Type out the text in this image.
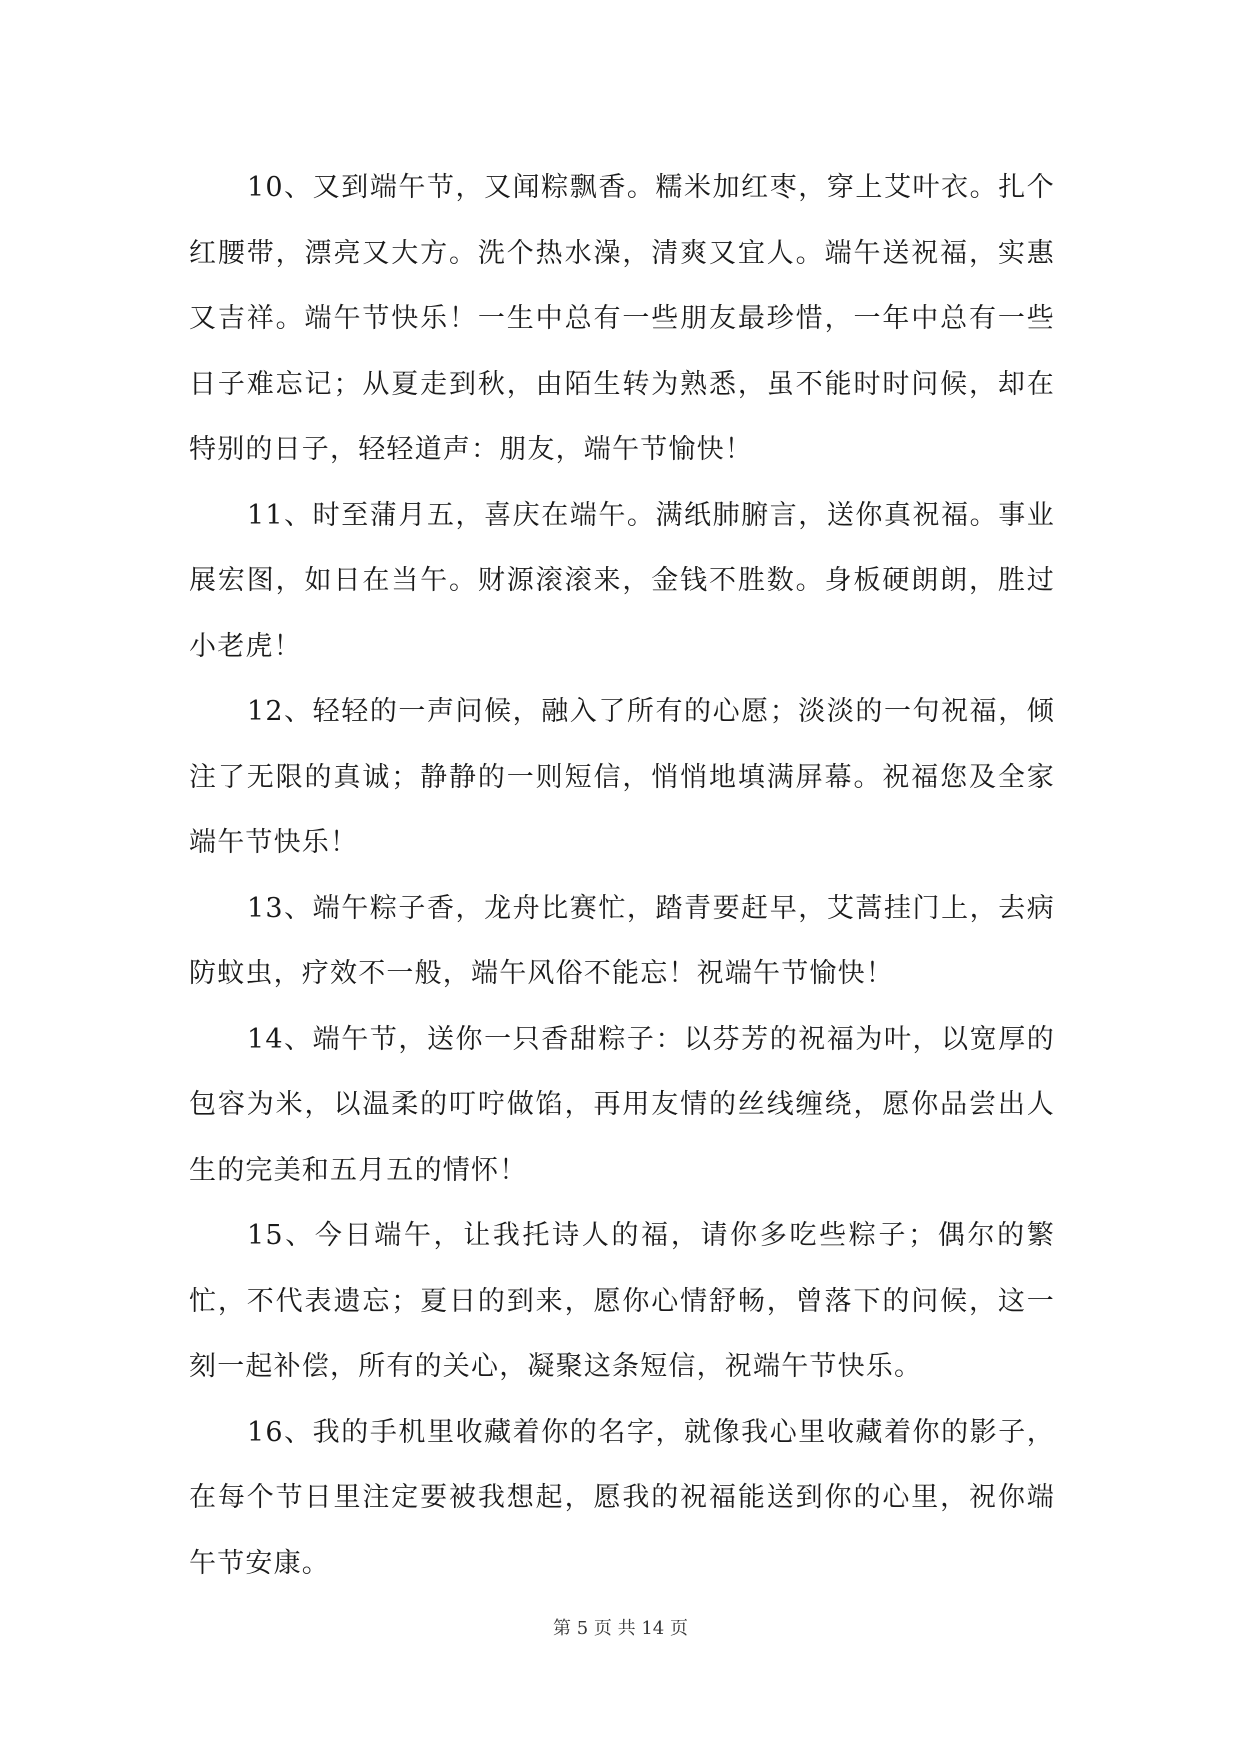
10、又到端午节，又闻粽飘香。糯米加红枣，穿上艾叶衣。扎个红腰带，漂亮又大方。洗个热水澡，清爽又宜人。端午送祝福，实惠又吉祥。端午节快乐！一生中总有一些朋友最珍惜，一年中总有一些日子难忘记；从夏走到秋，由陌生转为熟悉，虽不能时时问候，却在特别的日子，轻轻道声：朋友，端午节愉快！

11、时至蒲月五，喜庆在端午。满纸肺腑言，送你真祝福。事业展宏图，如日在当午。财源滚滚来，金钱不胜数。身板硬朗朗，胜过小老虎！

12、轻轻的一声问候，融入了所有的心愿；淡淡的一句祝福，倾注了无限的真诚；静静的一则短信，悄悄地填满屏幕。祝福您及全家端午节快乐！

13、端午粽子香，龙舟比赛忙，踏青要赶早，艾蒿挂门上，去病防蚊虫，疗效不一般，端午风俗不能忘！祝端午节愉快！

14、端午节，送你一只香甜粽子：以芬芳的祝福为叶，以宽厚的包容为米，以温柔的叮咛做馅，再用友情的丝线缠绕，愿你品尝出人生的完美和五月五的情怀！

15、今日端午，让我托诗人的福，请你多吃些粽子；偶尔的繁忙，不代表遗忘；夏日的到来，愿你心情舒畅，曾落下的问候，这一刻一起补偿，所有的关心，凝聚这条短信，祝端午节快乐。

16、我的手机里收藏着你的名字，就像我心里收藏着你的影子，在每个节日里注定要被我想起，愿我的祝福能送到你的心里，祝你端午节安康。

第 5 页 共 14 页
